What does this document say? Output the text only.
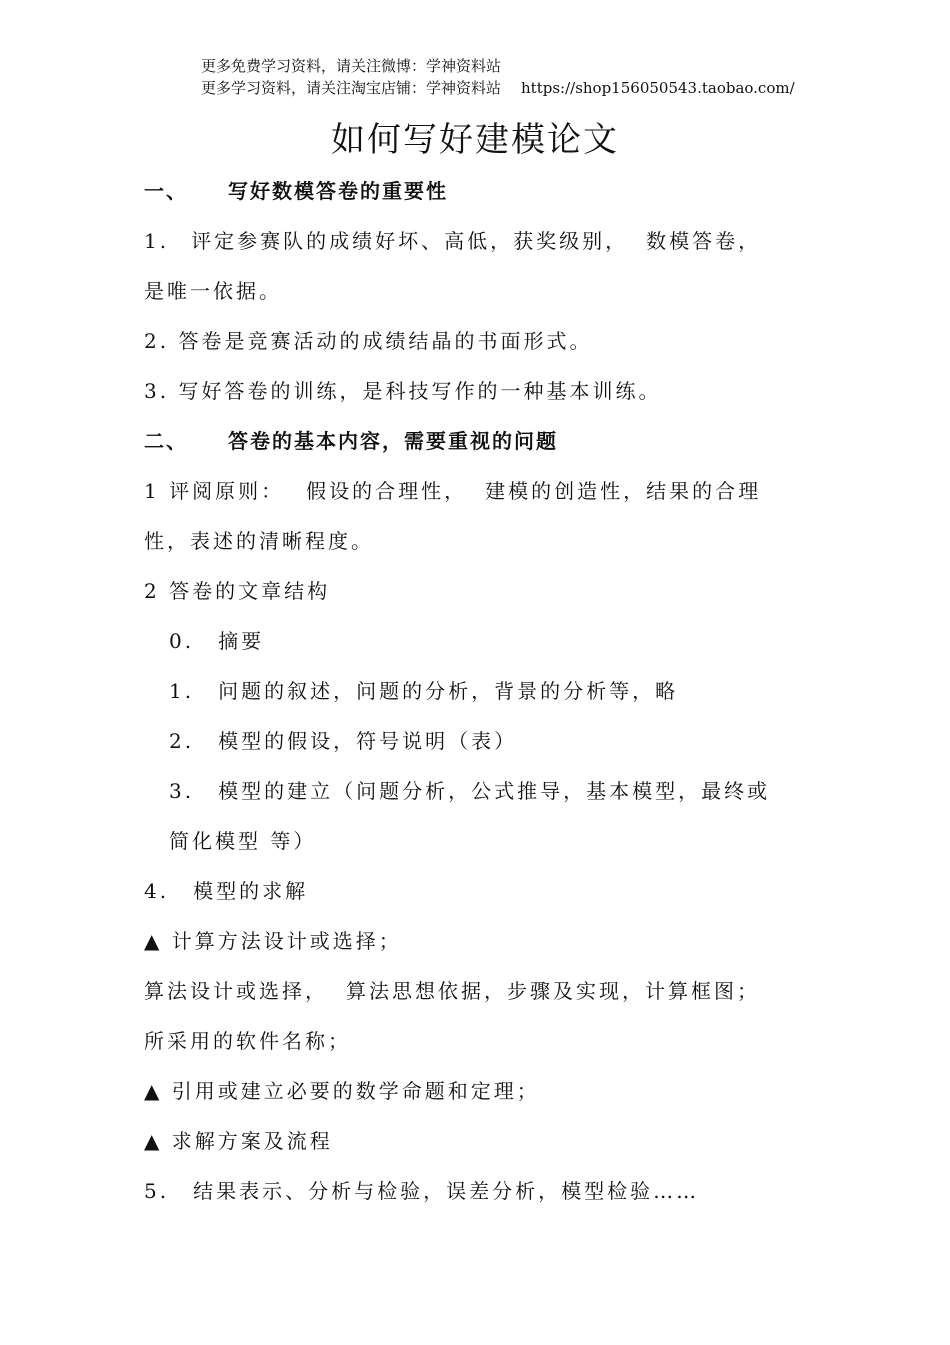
更多免费学习资料，请关注微博：学神资料站
更多学习资料，请关注淘宝店铺：学神资料站 https://shop156050543.taobao.com/
如何写好建模论文
一、 写好数模答卷的重要性
1. 评定参赛队的成绩好坏、高低，获奖级别， 数模答卷，
是唯一依据。
2. 答卷是竞赛活动的成绩结晶的书面形式。
3. 写好答卷的训练，是科技写作的一种基本训练。
二、 答卷的基本内容，需要重视的问题
1 评阅原则： 假设的合理性， 建模的创造性，结果的合理
性，表述的清晰程度。
2 答卷的文章结构
0. 摘要
1. 问题的叙述，问题的分析，背景的分析等，略
2. 模型的假设，符号说明（表）
3. 模型的建立（问题分析，公式推导，基本模型，最终或
简化模型 等）
4. 模型的求解
▲ 计算方法设计或选择；
算法设计或选择， 算法思想依据，步骤及实现，计算框图；
所采用的软件名称；
▲ 引用或建立必要的数学命题和定理；
▲ 求解方案及流程
5. 结果表示、分析与检验，误差分析，模型检验……
